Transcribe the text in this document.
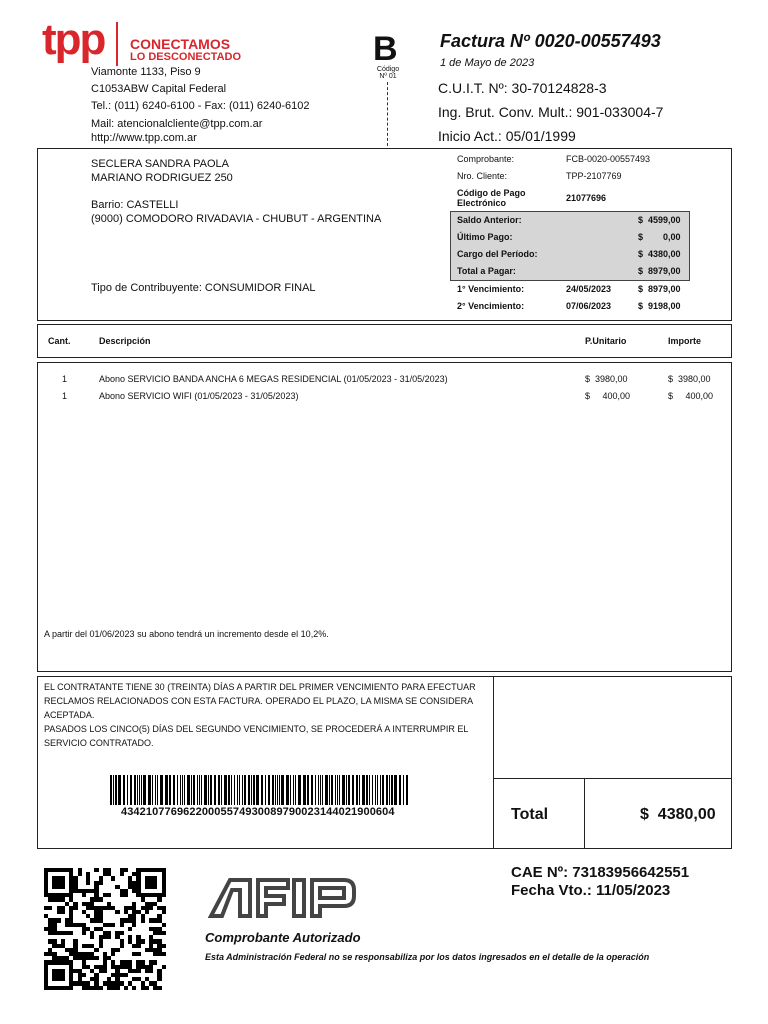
tpp CONECTAMOS
LO DESCONECTADO
Viamonte 1133, Piso 9
C1053ABW Capital Federal
Tel.: (011) 6240-6100 - Fax: (011) 6240-6102
Mail: atencionalcliente@tpp.com.ar
http://www.tpp.com.ar
B
Código
Nº 01
Factura Nº 0020-00557493
1 de Mayo de 2023
C.U.I.T. Nº: 30-70124828-3
Ing. Brut. Conv. Mult.: 901-033004-7
Inicio Act.: 05/01/1999
SECLERA SANDRA PAOLA
MARIANO RODRIGUEZ 250
Barrio: CASTELLI
(9000) COMODORO RIVADAVIA - CHUBUT - ARGENTINA
Tipo de Contribuyente: CONSUMIDOR FINAL
Comprobante:	FCB-0020-00557493
Nro. Cliente:	TPP-2107769
Código de Pago
Electrónico	21077696
Saldo Anterior:	$  4599,00
Último Pago:	$        0,00
Cargo del Período:	$  4380,00
Total a Pagar:	$  8979,00
1° Vencimiento:	24/05/2023	$  8979,00
2° Vencimiento:	07/06/2023	$  9198,00
Cant.	Descripción	P.Unitario	Importe
1	Abono SERVICIO BANDA ANCHA 6 MEGAS RESIDENCIAL (01/05/2023 - 31/05/2023)	$  3980,00	$  3980,00
1	Abono SERVICIO WIFI (01/05/2023 - 31/05/2023)	$     400,00	$     400,00
A partir del 01/06/2023 su abono tendrá un incremento desde el 10,2%.
EL CONTRATANTE TIENE 30 (TREINTA) DÍAS A PARTIR DEL PRIMER VENCIMIENTO PARA EFECTUAR
RECLAMOS RELACIONADOS CON ESTA FACTURA. OPERADO EL PLAZO, LA MISMA SE CONSIDERA
ACEPTADA.
PASADOS LOS CINCO(5) DÍAS DEL SEGUNDO VENCIMIENTO, SE PROCEDERÁ A INTERRUMPIR EL
SERVICIO CONTRATADO.
43421077696220005574930089790023144021900604	Total	$  4380,00
CAE Nº: 73183956642551
Fecha Vto.: 11/05/2023
Comprobante Autorizado
Esta Administración Federal no se responsabiliza por los datos ingresados en el detalle de la operación
